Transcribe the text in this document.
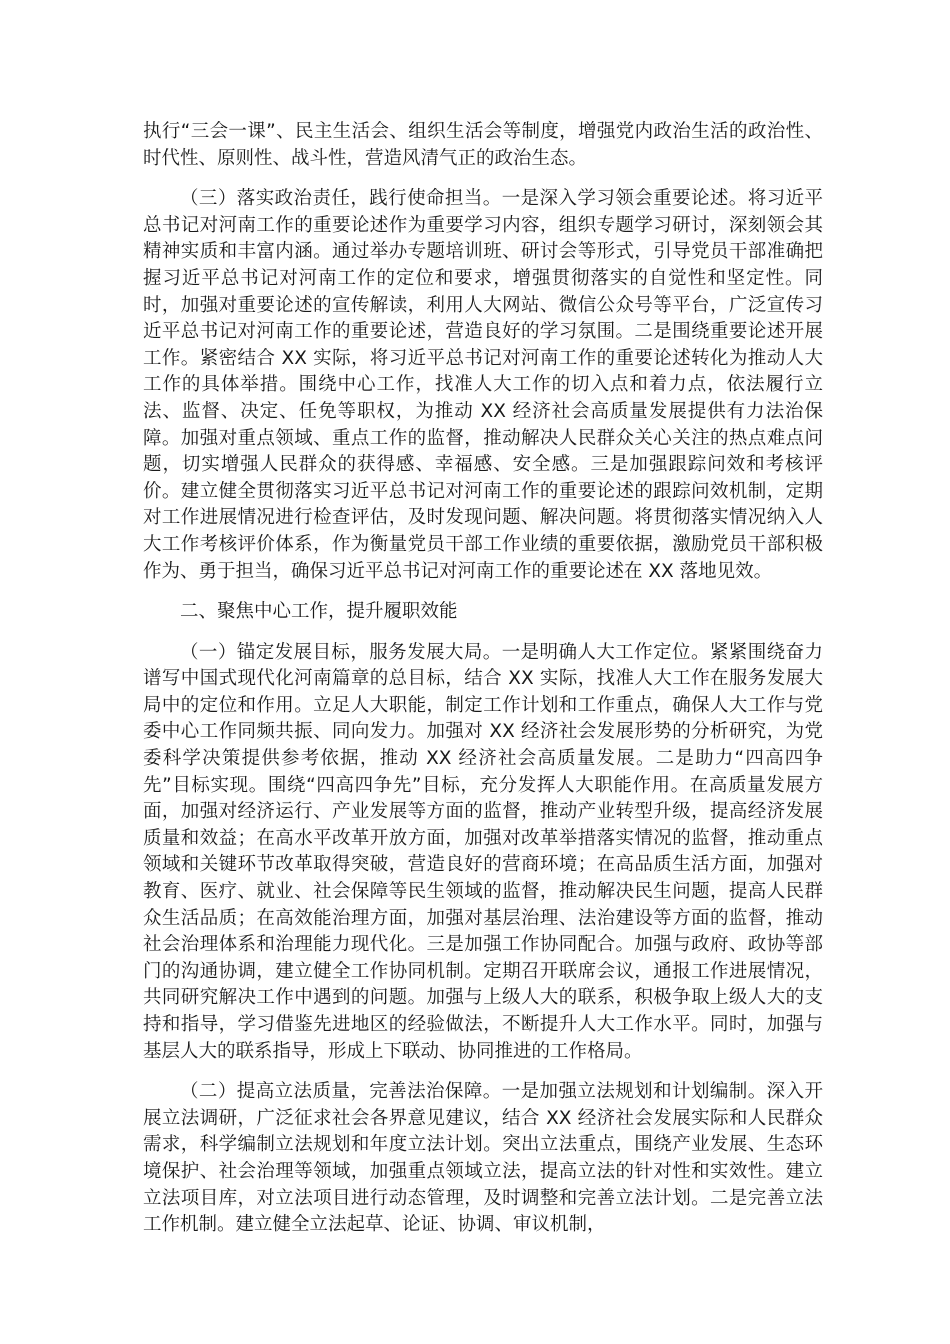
执行“三会一课”、民主生活会、组织生活会等制度，增强党内政治生活的政治性、时代性、原则性、战斗性，营造风清气正的政治生态。

（三）落实政治责任，践行使命担当。一是深入学习领会重要论述。将习近平总书记对河南工作的重要论述作为重要学习内容，组织专题学习研讨，深刻领会其精神实质和丰富内涵。通过举办专题培训班、研讨会等形式，引导党员干部准确把握习近平总书记对河南工作的定位和要求，增强贯彻落实的自觉性和坚定性。同时，加强对重要论述的宣传解读，利用人大网站、微信公众号等平台，广泛宣传习近平总书记对河南工作的重要论述，营造良好的学习氛围。二是围绕重要论述开展工作。紧密结合 XX 实际，将习近平总书记对河南工作的重要论述转化为推动人大工作的具体举措。围绕中心工作，找准人大工作的切入点和着力点，依法履行立法、监督、决定、任免等职权，为推动 XX 经济社会高质量发展提供有力法治保障。加强对重点领域、重点工作的监督，推动解决人民群众关心关注的热点难点问题，切实增强人民群众的获得感、幸福感、安全感。三是加强跟踪问效和考核评价。建立健全贯彻落实习近平总书记对河南工作的重要论述的跟踪问效机制，定期对工作进展情况进行检查评估，及时发现问题、解决问题。将贯彻落实情况纳入人大工作考核评价体系，作为衡量党员干部工作业绩的重要依据，激励党员干部积极作为、勇于担当，确保习近平总书记对河南工作的重要论述在 XX 落地见效。

二、聚焦中心工作，提升履职效能

（一）锚定发展目标，服务发展大局。一是明确人大工作定位。紧紧围绕奋力谱写中国式现代化河南篇章的总目标，结合 XX 实际，找准人大工作在服务发展大局中的定位和作用。立足人大职能，制定工作计划和工作重点，确保人大工作与党委中心工作同频共振、同向发力。加强对 XX 经济社会发展形势的分析研究，为党委科学决策提供参考依据，推动 XX 经济社会高质量发展。二是助力“四高四争先”目标实现。围绕“四高四争先”目标，充分发挥人大职能作用。在高质量发展方面，加强对经济运行、产业发展等方面的监督，推动产业转型升级，提高经济发展质量和效益；在高水平改革开放方面，加强对改革举措落实情况的监督，推动重点领域和关键环节改革取得突破，营造良好的营商环境；在高品质生活方面，加强对教育、医疗、就业、社会保障等民生领域的监督，推动解决民生问题，提高人民群众生活品质；在高效能治理方面，加强对基层治理、法治建设等方面的监督，推动社会治理体系和治理能力现代化。三是加强工作协同配合。加强与政府、政协等部门的沟通协调，建立健全工作协同机制。定期召开联席会议，通报工作进展情况，共同研究解决工作中遇到的问题。加强与上级人大的联系，积极争取上级人大的支持和指导，学习借鉴先进地区的经验做法，不断提升人大工作水平。同时，加强与基层人大的联系指导，形成上下联动、协同推进的工作格局。

（二）提高立法质量，完善法治保障。一是加强立法规划和计划编制。深入开展立法调研，广泛征求社会各界意见建议，结合 XX 经济社会发展实际和人民群众需求，科学编制立法规划和年度立法计划。突出立法重点，围绕产业发展、生态环境保护、社会治理等领域，加强重点领域立法，提高立法的针对性和实效性。建立立法项目库，对立法项目进行动态管理，及时调整和完善立法计划。二是完善立法工作机制。建立健全立法起草、论证、协调、审议机制，
